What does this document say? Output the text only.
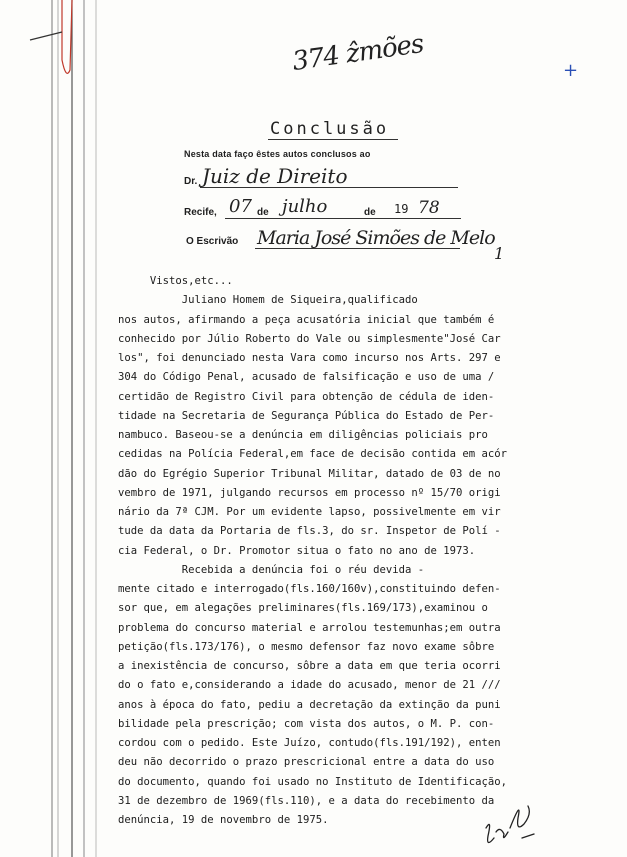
374 ẑmões	+
Conclusão
Nesta data faço êstes autos conclusos ao
Dr. Juiz de Direito
Recife, 07 de julho	de 19 78
O Escrivão Maria José Simões de Melo
1
Vistos,etc...
Juliano Homem de Siqueira,qualificado
nos autos, afirmando a peça acusatória inicial que também é
conhecido por Júlio Roberto do Vale ou simplesmente"José Car
los", foi denunciado nesta Vara como incurso nos Arts. 297 e
304 do Código Penal, acusado de falsificação e uso de uma /
certidão de Registro Civil para obtenção de cédula de iden-
tidade na Secretaria de Segurança Pública do Estado de Per-
nambuco. Baseou-se a denúncia em diligências policiais pro
cedidas na Polícia Federal,em face de decisão contida em acór
dão do Egrégio Superior Tribunal Militar, datado de 03 de no
vembro de 1971, julgando recursos em processo nº 15/70 origi
nário da 7ª CJM. Por um evidente lapso, possivelmente em vir
tude da data da Portaria de fls.3, do sr. Inspetor de Polí -
cia Federal, o Dr. Promotor situa o fato no ano de 1973.
Recebida a denúncia foi o réu devida -
mente citado e interrogado(fls.160/160v),constituindo defen-
sor que, em alegações preliminares(fls.169/173),examinou o
problema do concurso material e arrolou testemunhas;em outra
petição(fls.173/176), o mesmo defensor faz novo exame sôbre
a inexistência de concurso, sôbre a data em que teria ocorri
do o fato e,considerando a idade do acusado, menor de 21 ///
anos à época do fato, pediu a decretação da extinção da puni
bilidade pela prescrição; com vista dos autos, o M. P. con-
cordou com o pedido. Este Juízo, contudo(fls.191/192), enten
deu não decorrido o prazo prescricional entre a data do uso
do documento, quando foi usado no Instituto de Identificação,
31 de dezembro de 1969(fls.110), e a data do recebimento da
denúncia, 19 de novembro de 1975.
